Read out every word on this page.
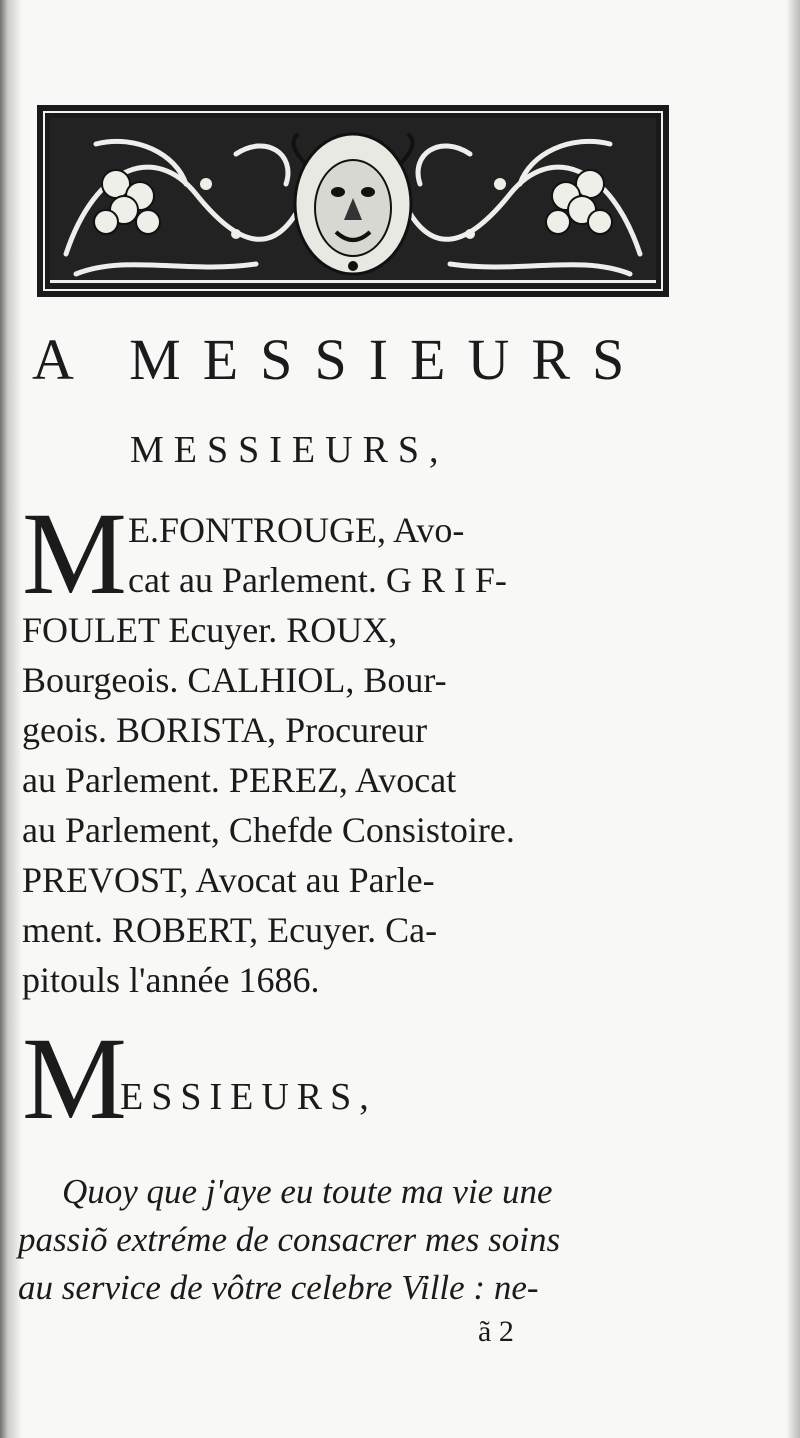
A MESSIEURS
MESSIEURS,
M E.FONTROUGE, Avo-
cat au Parlement. G R I F-
FOULET Ecuyer. ROUX,
Bourgeois. CALHIOL, Bour-
geois. BORISTA, Procureur
au Parlement. PEREZ, Avocat
au Parlement, Chefde Consistoire.
PREVOST, Avocat au Parle-
ment. ROBERT, Ecuyer. Ca-
pitouls l'année 1686.
M
ESSIEURS,
Quoy que j'aye eu toute ma vie une
passiõ extréme de consacrer mes soins
au service de vôtre celebre Ville : ne-
ã 2
